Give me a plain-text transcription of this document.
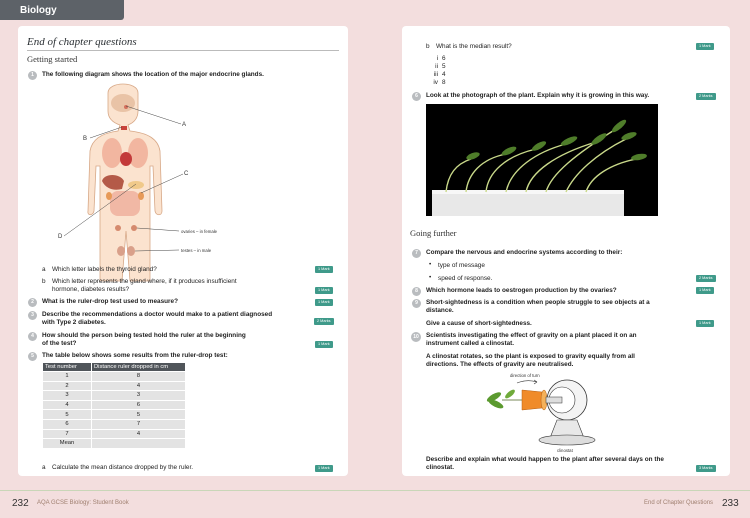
Biology
End of chapter questions
Getting started
1	The following diagram shows the location of the major endocrine glands.
A
B
C
D
ovaries – in female
testes – in male
a Which letter labels the thyroid gland?	1 Mark
b Which letter represents the gland where, if it produces insufficient
hormone, diabetes results?	1 Mark
2	What is the ruler-drop test used to measure?	1 Mark
3	Describe the recommendations a doctor would make to a patient diagnosed
with Type 2 diabetes.	2 Marks
4	How should the person being tested hold the ruler at the beginning
of the test?	1 Mark
5	The table below shows some results from the ruler-drop test:
Test number	Distance ruler dropped in cm
1	8
2	4
3	3
4	6
5	5
6	7
7	4
Mean	
a Calculate the mean distance dropped by the ruler.	1 Mark
b What is the median result?	1 Mark
i 6
ii 5
iii 4
iv 8
6	Look at the photograph of the plant. Explain why it is growing in this way.	2 Marks
Going further
7	Compare the nervous and endocrine systems according to their:
• type of message
• speed of response.	2 Marks
8	Which hormone leads to oestrogen production by the ovaries?	1 Mark
9	Short-sightedness is a condition when people struggle to see objects at a
distance.
Give a cause of short-sightedness.	1 Mark
10	Scientists investigating the effect of gravity on a plant placed it on an
instrument called a clinostat.
A clinostat rotates, so the plant is exposed to gravity equally from all
directions. The effects of gravity are neutralised.
direction of turn
clinostat
Describe and explain what would happen to the plant after several days on the
clinostat.	3 Marks
232 AQA GCSE Biology: Student Book	End of Chapter Questions 233
